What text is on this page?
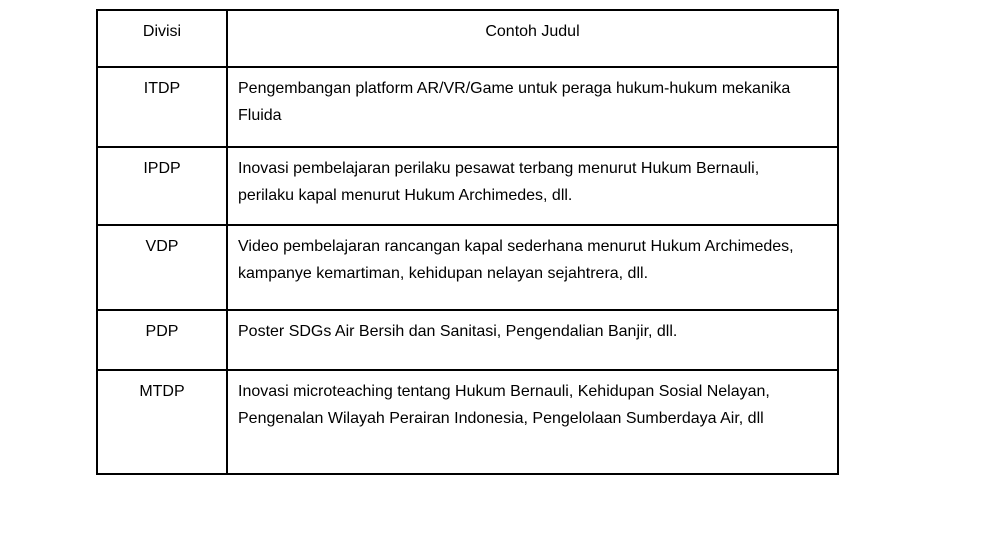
Divisi	Contoh Judul
ITDP	Pengembangan platform AR/VR/Game untuk peraga hukum-hukum mekanika Fluida
IPDP	Inovasi pembelajaran perilaku pesawat terbang menurut Hukum Bernauli, perilaku kapal menurut Hukum Archimedes, dll.
VDP	Video pembelajaran rancangan kapal sederhana menurut Hukum Archimedes, kampanye kemartiman, kehidupan nelayan sejahtrera, dll.
PDP	Poster SDGs Air Bersih dan Sanitasi, Pengendalian Banjir, dll.
MTDP	Inovasi microteaching tentang Hukum Bernauli, Kehidupan Sosial Nelayan, Pengenalan Wilayah Perairan Indonesia, Pengelolaan Sumberdaya Air, dll
